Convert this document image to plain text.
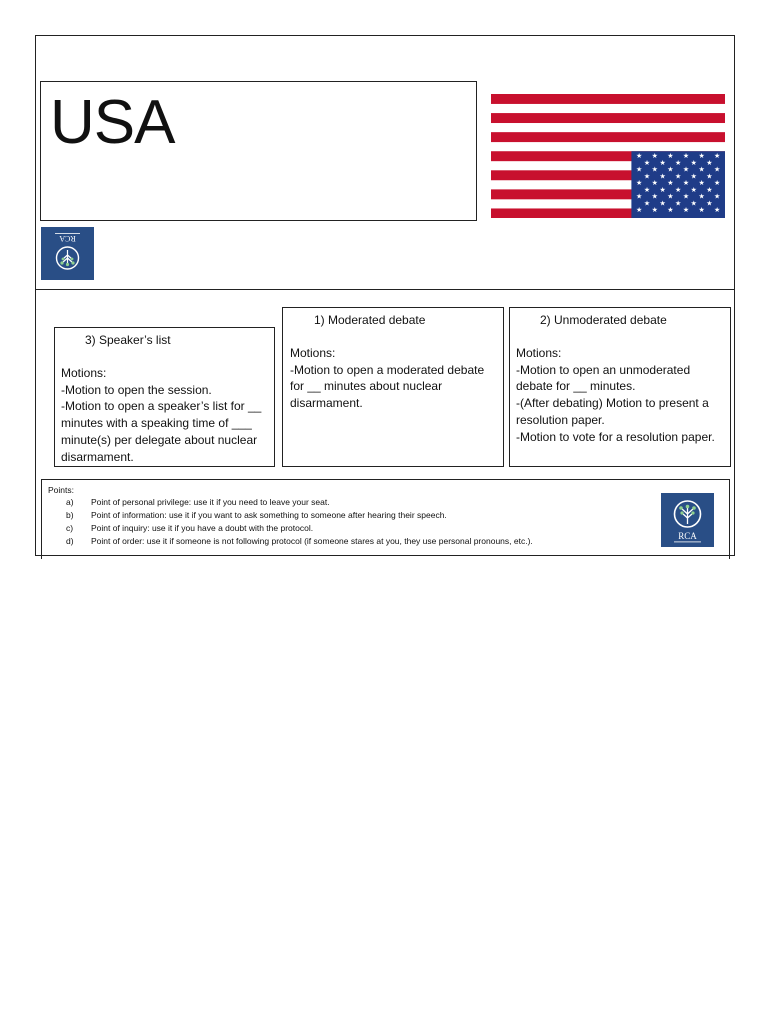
USA	★ ★ ★ ★ ★ ★
★ ★ ★ ★ ★
★ ★ ★ ★ ★ ★
★ ★ ★ ★ ★
★ ★ ★ ★ ★ ★
★ ★ ★ ★ ★
★ ★ ★ ★ ★ ★
★ ★ ★ ★ ★
★ ★ ★ ★ ★ ★
RCA
3) Speaker’s list
Motions:
-Motion to open the session.
-Motion to open a speaker’s list for __ minutes with a speaking time of ___ minute(s) per delegate about nuclear disarmament.
1) Moderated debate
Motions:
-Motion to open a moderated debate for __ minutes about nuclear disarmament.
2) Unmoderated debate
Motions:
-Motion to open an unmoderated debate for __ minutes.
-(After debating) Motion to present a resolution paper.
-Motion to vote for a resolution paper.
Points:
a)	Point of personal privilege: use it if you need to leave your seat.
b)	Point of information: use it if you want to ask something to someone after hearing their speech.
c)	Point of inquiry: use it if you have a doubt with the protocol.
d)	Point of order: use it if someone is not following protocol (if someone stares at you, they use personal pronouns, etc.).	RCA
